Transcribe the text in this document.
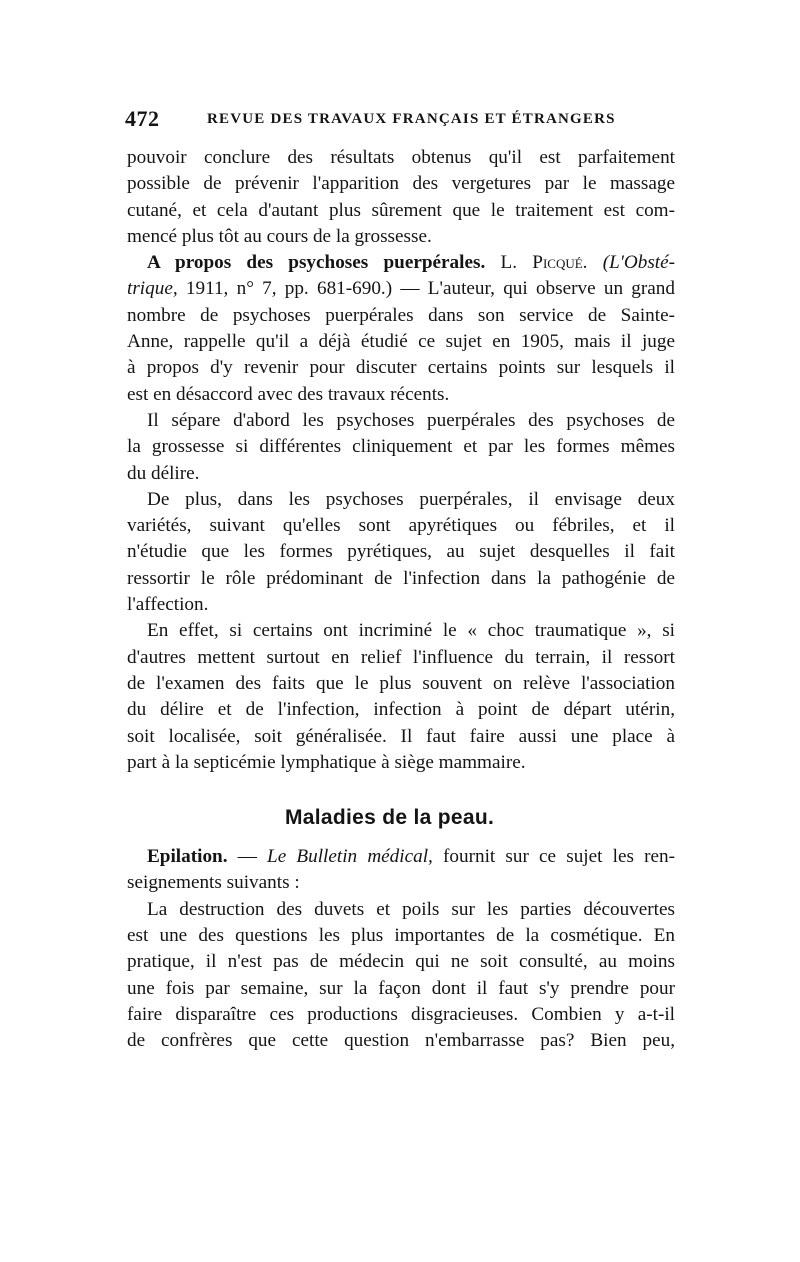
472	REVUE DES TRAVAUX FRANÇAIS ET ÉTRANGERS
pouvoir conclure des résultats obtenus qu'il est parfaitement
possible de prévenir l'apparition des vergetures par le massage
cutané, et cela d'autant plus sûrement que le traitement est com-
mencé plus tôt au cours de la grossesse.
A propos des psychoses puerpérales. L. Picqué. (L'Obsté-
trique, 1911, n° 7, pp. 681-690.) — L'auteur, qui observe un grand
nombre de psychoses puerpérales dans son service de Sainte-
Anne, rappelle qu'il a déjà étudié ce sujet en 1905, mais il juge
à propos d'y revenir pour discuter certains points sur lesquels il
est en désaccord avec des travaux récents.
Il sépare d'abord les psychoses puerpérales des psychoses de
la grossesse si différentes cliniquement et par les formes mêmes
du délire.
De plus, dans les psychoses puerpérales, il envisage deux
variétés, suivant qu'elles sont apyrétiques ou fébriles, et il
n'étudie que les formes pyrétiques, au sujet desquelles il fait
ressortir le rôle prédominant de l'infection dans la pathogénie de
l'affection.
En effet, si certains ont incriminé le « choc traumatique », si
d'autres mettent surtout en relief l'influence du terrain, il ressort
de l'examen des faits que le plus souvent on relève l'association
du délire et de l'infection, infection à point de départ utérin,
soit localisée, soit généralisée. Il faut faire aussi une place à
part à la septicémie lymphatique à siège mammaire.
Maladies de la peau.
Epilation. — Le Bulletin médical, fournit sur ce sujet les ren-
seignements suivants :
La destruction des duvets et poils sur les parties découvertes
est une des questions les plus importantes de la cosmétique. En
pratique, il n'est pas de médecin qui ne soit consulté, au moins
une fois par semaine, sur la façon dont il faut s'y prendre pour
faire disparaître ces productions disgracieuses. Combien y a-t-il
de confrères que cette question n'embarrasse pas? Bien peu,
